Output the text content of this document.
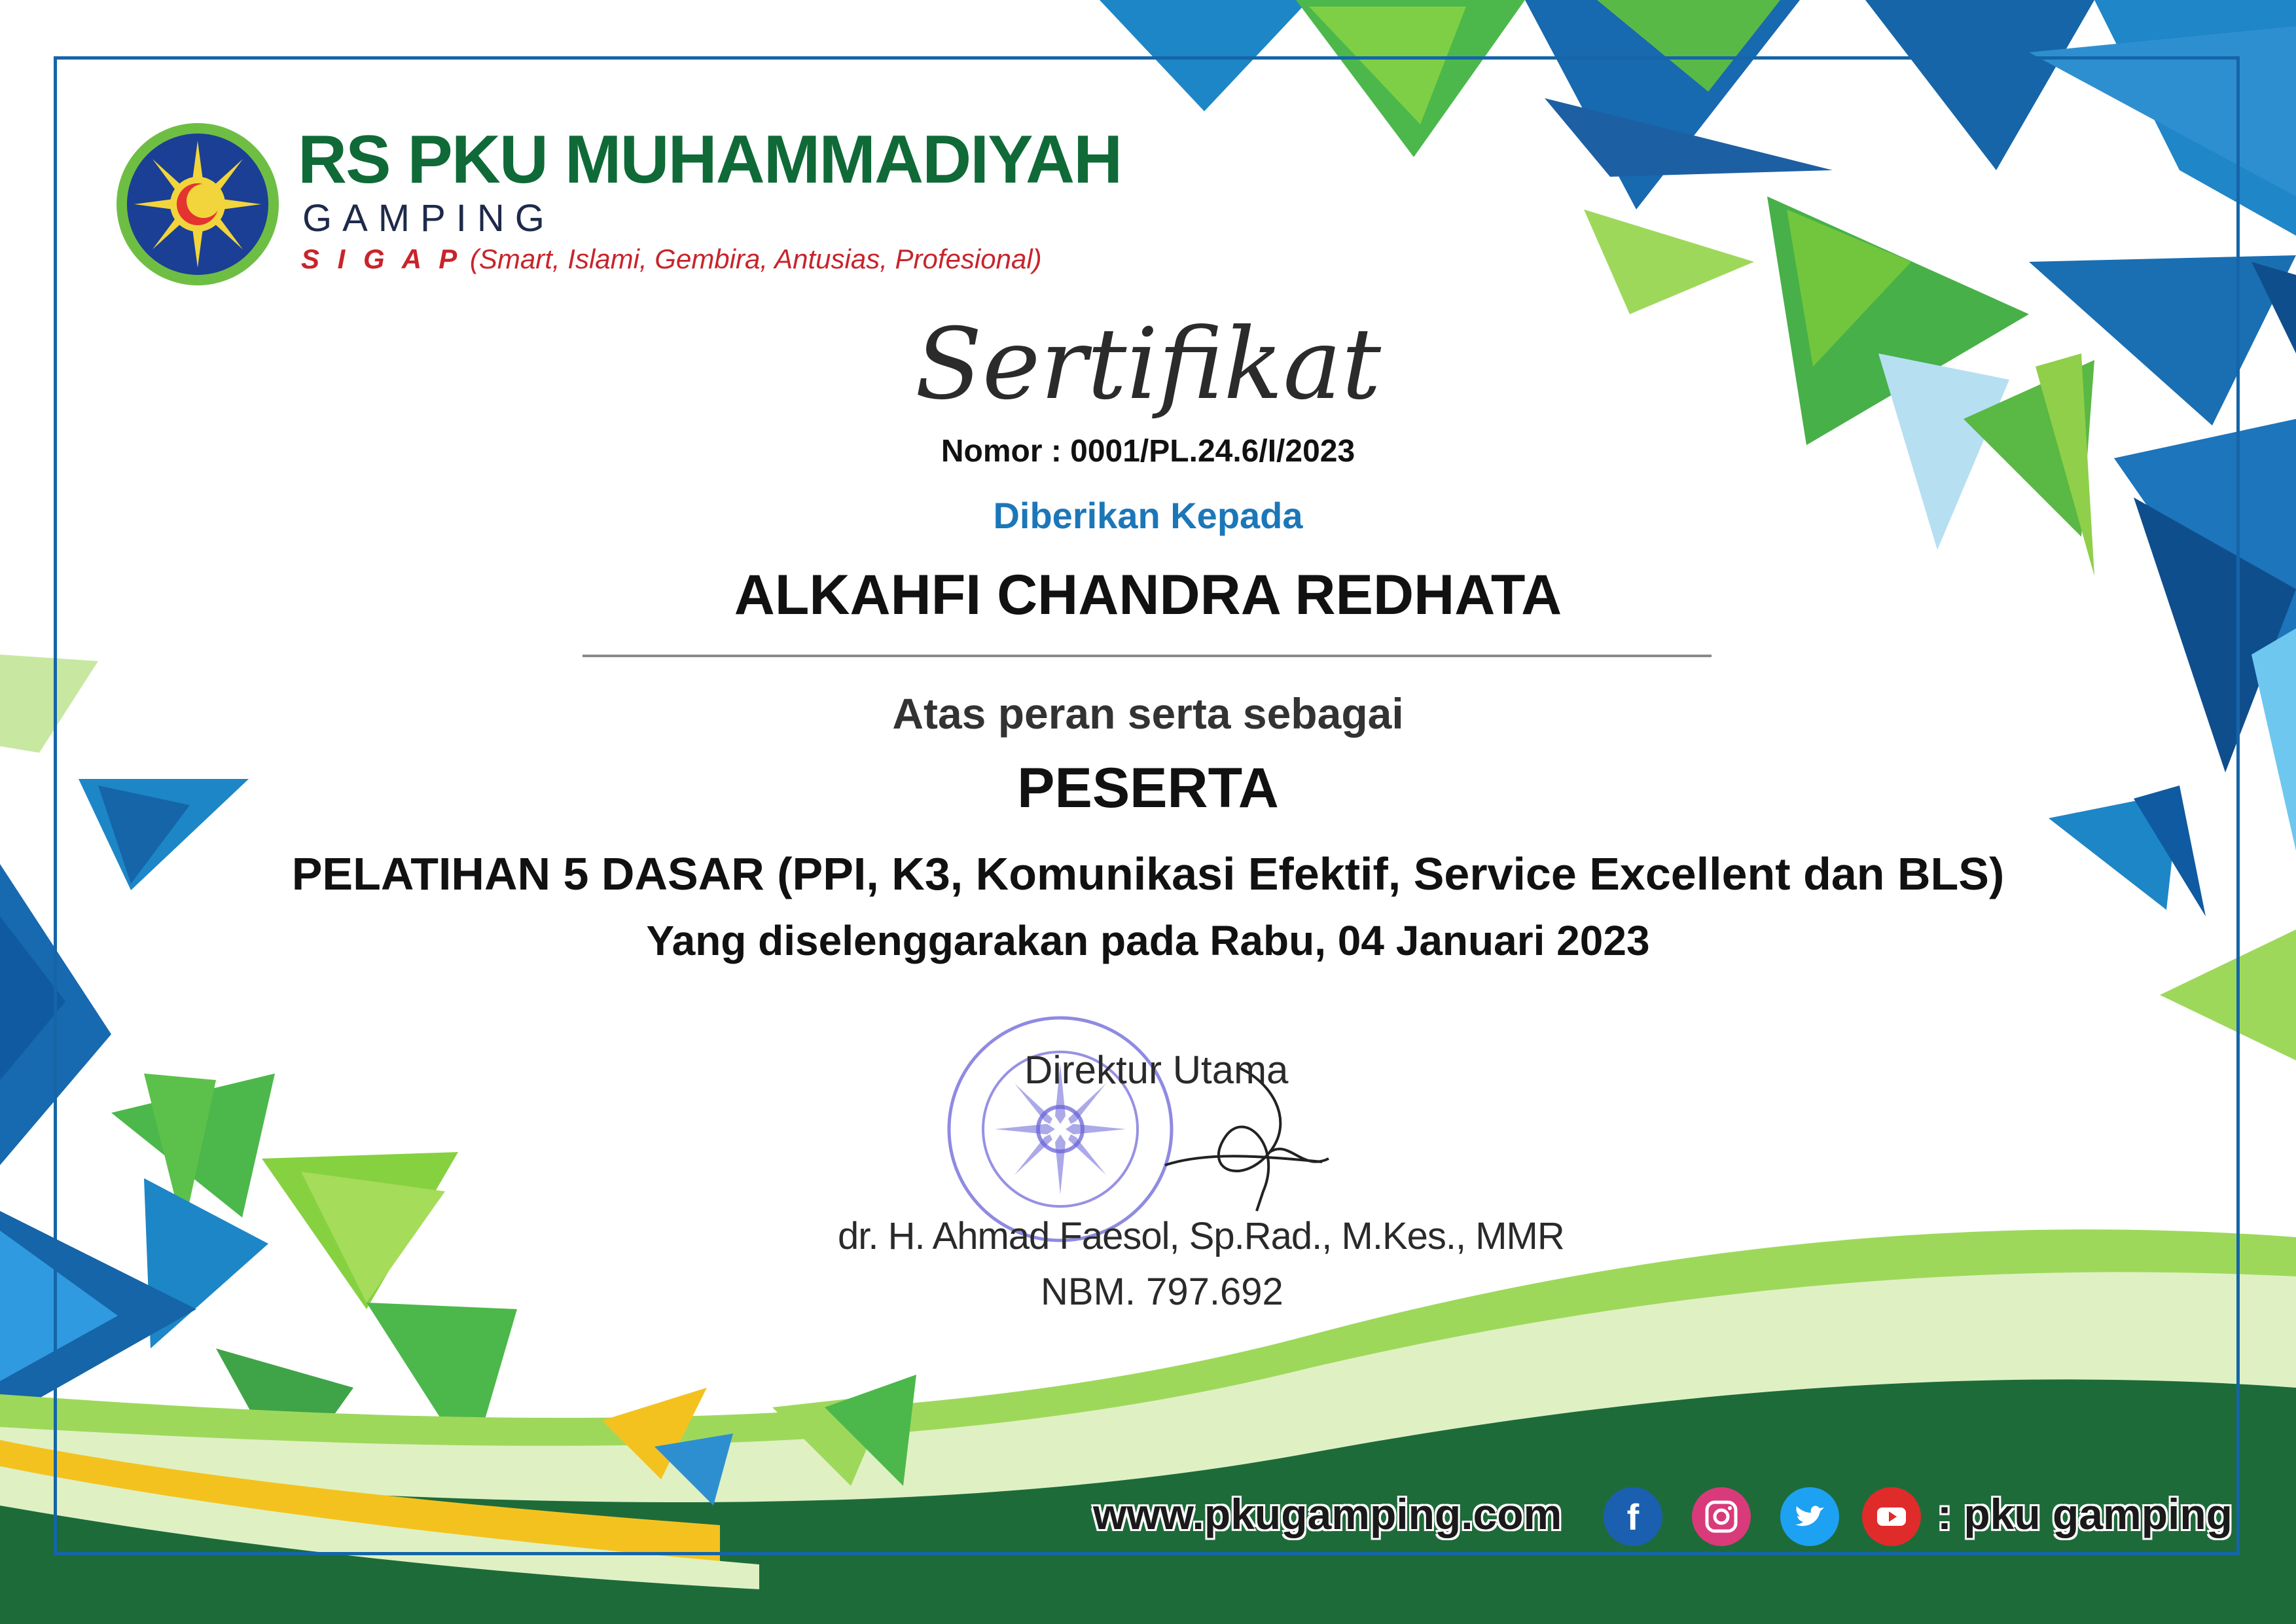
RS PKU MUHAMMADIYAH
GAMPING
S I G A P (Smart, Islami, Gembira, Antusias, Profesional)
Sertifikat
Nomor : 0001/PL.24.6/I/2023
Diberikan Kepada
ALKAHFI CHANDRA REDHATA
Atas peran serta sebagai
PESERTA
PELATIHAN 5 DASAR (PPI, K3, Komunikasi Efektif, Service Excellent dan BLS)
Yang diselenggarakan pada Rabu, 04 Januari 2023
Direktur Utama
dr. H. Ahmad Faesol, Sp.Rad., M.Kes., MMR
NBM. 797.692
www.pkugamping.com	f	: pku gamping
